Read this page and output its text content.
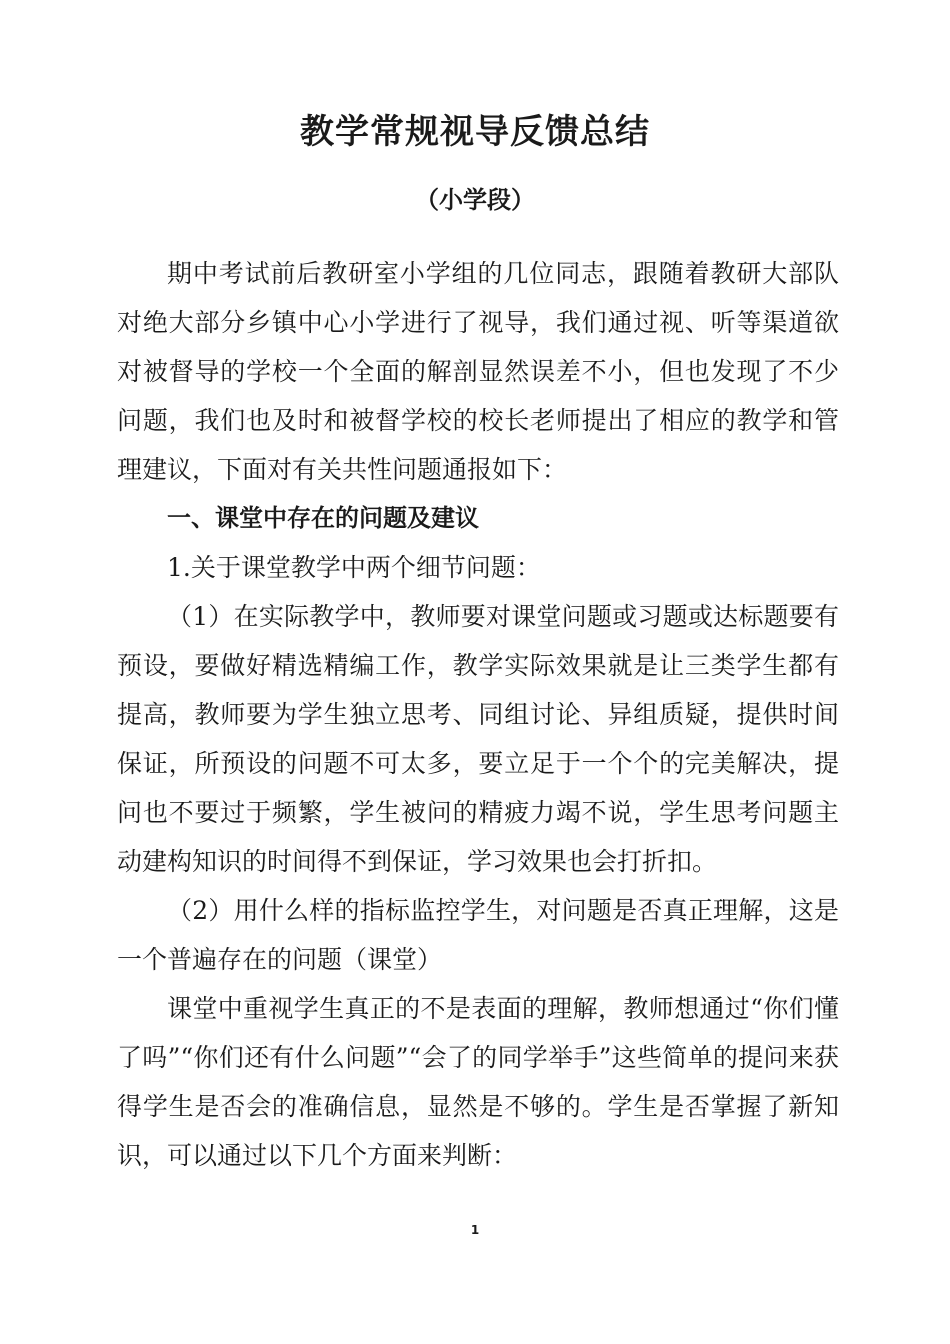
教学常规视导反馈总结
（小学段）

期中考试前后教研室小学组的几位同志，跟随着教研大部队对绝大部分乡镇中心小学进行了视导，我们通过视、听等渠道欲对被督导的学校一个全面的解剖显然误差不小，但也发现了不少问题，我们也及时和被督学校的校长老师提出了相应的教学和管理建议，下面对有关共性问题通报如下：

一、课堂中存在的问题及建议

1.关于课堂教学中两个细节问题：

（1）在实际教学中，教师要对课堂问题或习题或达标题要有预设，要做好精选精编工作，教学实际效果就是让三类学生都有提高，教师要为学生独立思考、同组讨论、异组质疑，提供时间保证，所预设的问题不可太多，要立足于一个个的完美解决，提问也不要过于频繁，学生被问的精疲力竭不说，学生思考问题主动建构知识的时间得不到保证，学习效果也会打折扣。

（2）用什么样的指标监控学生，对问题是否真正理解，这是一个普遍存在的问题（课堂）

课堂中重视学生真正的不是表面的理解，教师想通过“你们懂了吗”“你们还有什么问题”“会了的同学举手”这些简单的提问来获得学生是否会的准确信息，显然是不够的。学生是否掌握了新知识，可以通过以下几个方面来判断：

1
